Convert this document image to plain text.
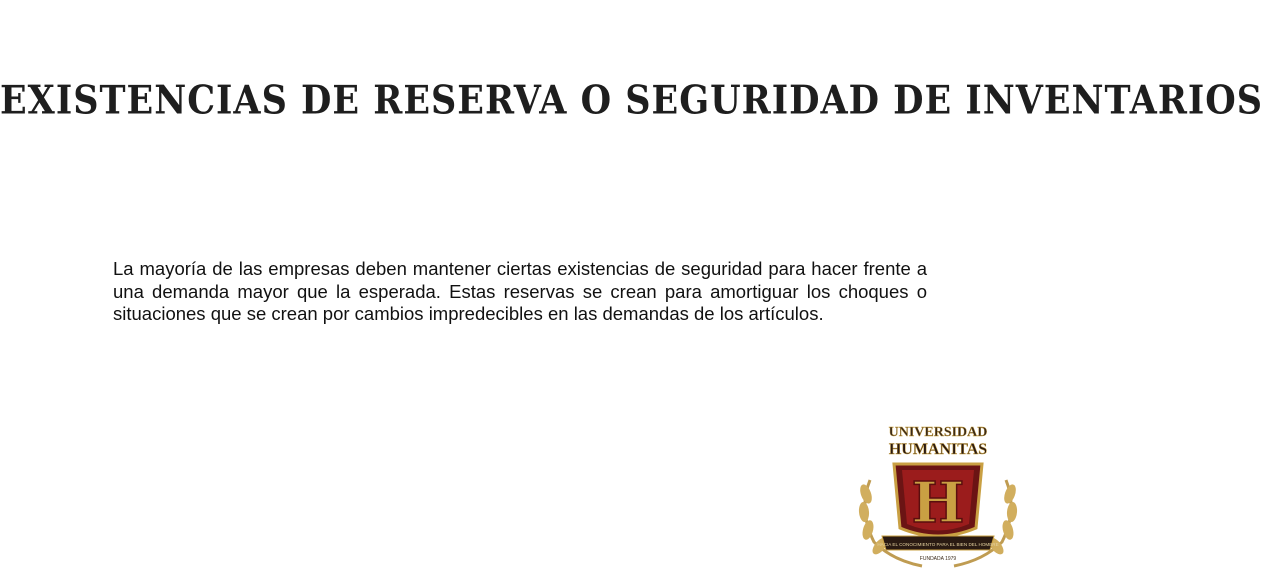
EXISTENCIAS DE RESERVA O SEGURIDAD DE INVENTARIOS

La mayoría de las empresas deben mantener ciertas existencias de seguridad para hacer frente a una demanda mayor que la esperada. Estas reservas se crean para amortiguar los choques o situaciones que se crean por cambios impredecibles en las demandas de los artículos.

UNIVERSIDAD
HUMANITAS
H
HACIA EL CONOCIMIENTO PARA EL BIEN DEL HOMBRE
FUNDADA 1979
